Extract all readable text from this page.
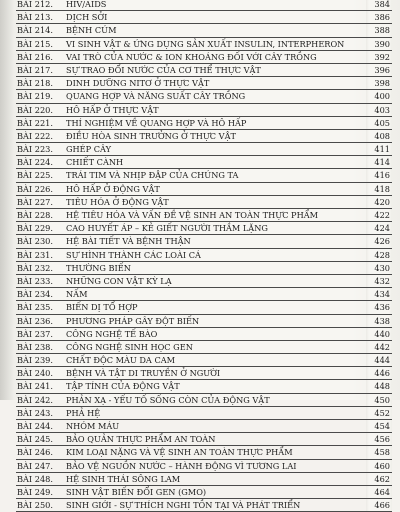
BÀI 212.	HIV/AIDS	384
BÀI 213.	DỊCH SỞI	386
BÀI 214.	BỆNH CÚM	388
BÀI 215.	VI SINH VẬT & ỨNG DỤNG SẢN XUẤT INSULIN, INTERPHERON	390
BÀI 216.	VAI TRÒ CỦA NƯỚC & ION KHOÁNG ĐỐI VỚI CÂY TRỒNG	392
BÀI 217.	SỰ TRAO ĐỔI NƯỚC CỦA CƠ THỂ THỰC VẬT	396
BÀI 218.	DINH DƯỠNG NITƠ Ở THỰC VẬT	398
BÀI 219.	QUANG HỢP VÀ NĂNG SUẤT CÂY TRỒNG	400
BÀI 220.	HÔ HẤP Ở THỰC VẬT	403
BÀI 221.	THÍ NGHIỆM VỀ QUANG HỢP VÀ HÔ HẤP	405
BÀI 222.	ĐIỀU HÒA SINH TRƯỞNG Ở THỰC VẬT	408
BÀI 223.	GHÉP CÂY	411
BÀI 224.	CHIẾT CÀNH	414
BÀI 225.	TRÁI TIM VÀ NHỊP ĐẬP CỦA CHÚNG TA	416
BÀI 226.	HÔ HẤP Ở ĐỘNG VẬT	418
BÀI 227.	TIÊU HÓA Ở ĐỘNG VẬT	420
BÀI 228.	HỆ TIÊU HÓA VÀ VẤN ĐỀ VỆ SINH AN TOÀN THỰC PHẨM	422
BÀI 229.	CAO HUYẾT ÁP – KẺ GIẾT NGƯỜI THẦM LẶNG	424
BÀI 230.	HỆ BÀI TIẾT VÀ BỆNH THẬN	426
BÀI 231.	SỰ HÌNH THÀNH CÁC LOÀI CÁ	428
BÀI 232.	THƯỜNG BIẾN	430
BÀI 233.	NHỮNG CON VẬT KỲ LẠ	432
BÀI 234.	NẤM	434
BÀI 235.	BIẾN DỊ TỔ HỢP	436
BÀI 236.	PHƯƠNG PHÁP GÂY ĐỘT BIẾN	438
BÀI 237.	CÔNG NGHỆ TẾ BÀO	440
BÀI 238.	CÔNG NGHỆ SINH HỌC GEN	442
BÀI 239.	CHẤT ĐỘC MÀU DA CAM	444
BÀI 240.	BỆNH VÀ TẬT DI TRUYỀN Ở NGƯỜI	446
BÀI 241.	TẬP TÍNH CỦA ĐỘNG VẬT	448
BÀI 242.	PHẢN XẠ - YẾU TỐ SỐNG CÒN CỦA ĐỘNG VẬT	450
BÀI 243.	PHẢ HỆ	452
BÀI 244.	NHÓM MÁU	454
BÀI 245.	BẢO QUẢN THỰC PHẨM AN TOÀN	456
BÀI 246.	KIM LOẠI NẶNG VÀ VỆ SINH AN TOÀN THỰC PHẨM	458
BÀI 247.	BẢO VỆ NGUỒN NƯỚC – HÀNH ĐỘNG VÌ TƯƠNG LAI	460
BÀI 248.	HỆ SINH THÁI SÔNG LAM	462
BÀI 249.	SINH VẬT BIẾN ĐỔI GEN (GMO)	464
BÀI 250.	SINH GIỚI - SỰ THÍCH NGHI TỒN TẠI VÀ PHÁT TRIỂN	466
